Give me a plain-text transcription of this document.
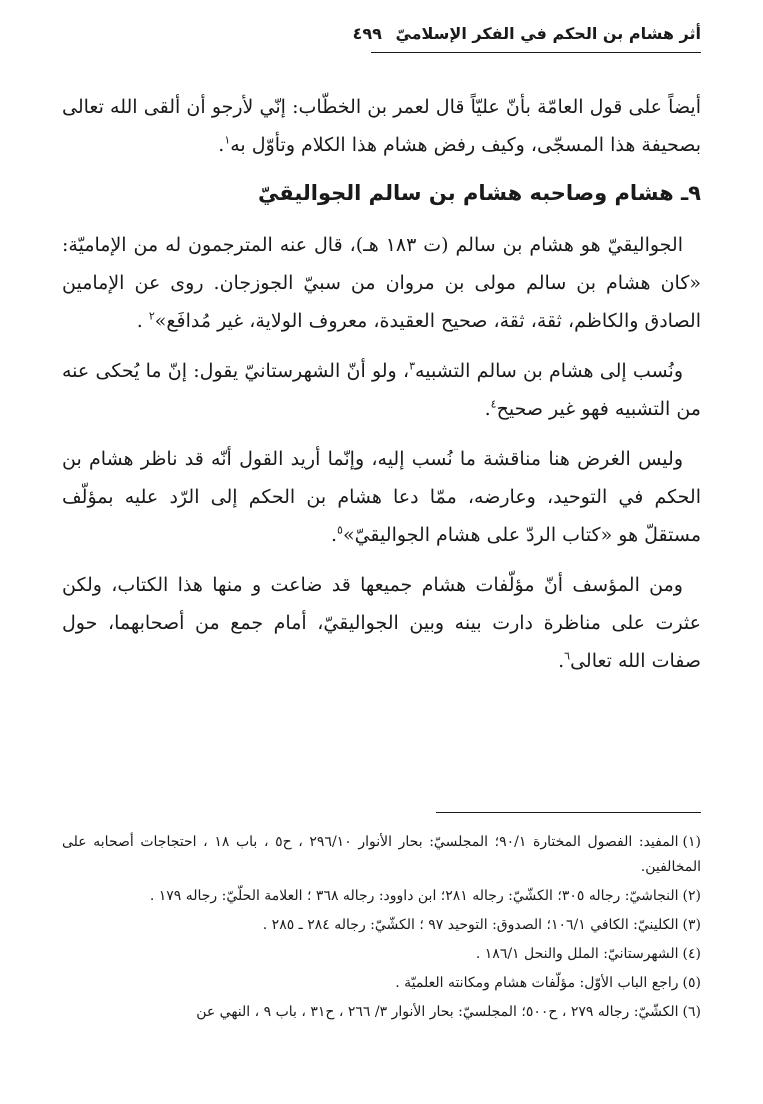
أثر هشام بن الحكم في الفكر الإسلاميّ ٤٩٩

أيضاً على قول العامّة بأنّ عليّاً قال لعمر بن الخطّاب: إنّي لأرجو أن ألقى الله تعالى بصحيفة هذا المسجّى، وكيف رفض هشام هذا الكلام وتأوّل به$^١$.

٩ـ هشام وصاحبه هشام بن سالم الجواليقيّ

الجواليقيّ هو هشام بن سالم (ت ١٨٣ هـ)، قال عنه المترجمون له من الإماميّة: «كان هشام بن سالم مولى بن مروان من سبيّ الجوزجان. روى عن الإمامين الصادق والكاظم، ثقة، ثقة، صحيح العقيدة، معروف الولاية، غير مُدافَع»$^٢$ .

ونُسب إلى هشام بن سالم التشبيه$^٣$، ولو أنّ الشهرستانيّ يقول: إنّ ما يُحكى عنه من التشبيه فهو غير صحيح$^٤$.

وليس الغرض هنا مناقشة ما نُسب إليه، وإنّما أريد القول أنّه قد ناظر هشام بن الحكم في التوحيد، وعارضه، ممّا دعا هشام بن الحكم إلى الرّد عليه بمؤلّف مستقلّ هو «كتاب الردّ على هشام الجواليقيّ»$^٥$.

ومن المؤسف أنّ مؤلّفات هشام جميعها قد ضاعت و منها هذا الكتاب، ولكن عثرت على مناظرة دارت بينه وبين الجواليقيّ، أمام جمع من أصحابهما، حول صفات الله تعالى$^٦$.

(١)المفيد: الفصول المختارة ٩٠/١؛ المجلسيّ: بحار الأنوار ٢٩٦/١٠ ، ح٥ ، باب ١٨ ، احتجاجات أصحابه على المخالفين.

(٢)النجاشيّ: رجاله ٣٠٥؛ الكشّيّ: رجاله ٢٨١؛ ابن داوود: رجاله ٣٦٨ ؛ العلامة الحلّيّ: رجاله ١٧٩ .

(٣)الكلينيّ: الكافي ١٠٦/١؛ الصدوق: التوحيد ٩٧ ؛ الكشّيّ: رجاله ٢٨٤ ـ ٢٨٥ .

(٤)الشهرستانيّ: الملل والنحل ١٨٦/١ .

(٥)راجع الباب الأوّل: مؤلّفات هشام ومكانته العلميّة .

(٦)الكشّيّ: رجاله ٢٧٩ ، ح٥٠٠؛ المجلسيّ: بحار الأنوار ٣/ ٢٦٦ ، ح٣١ ، باب ٩ ، النهي عن
